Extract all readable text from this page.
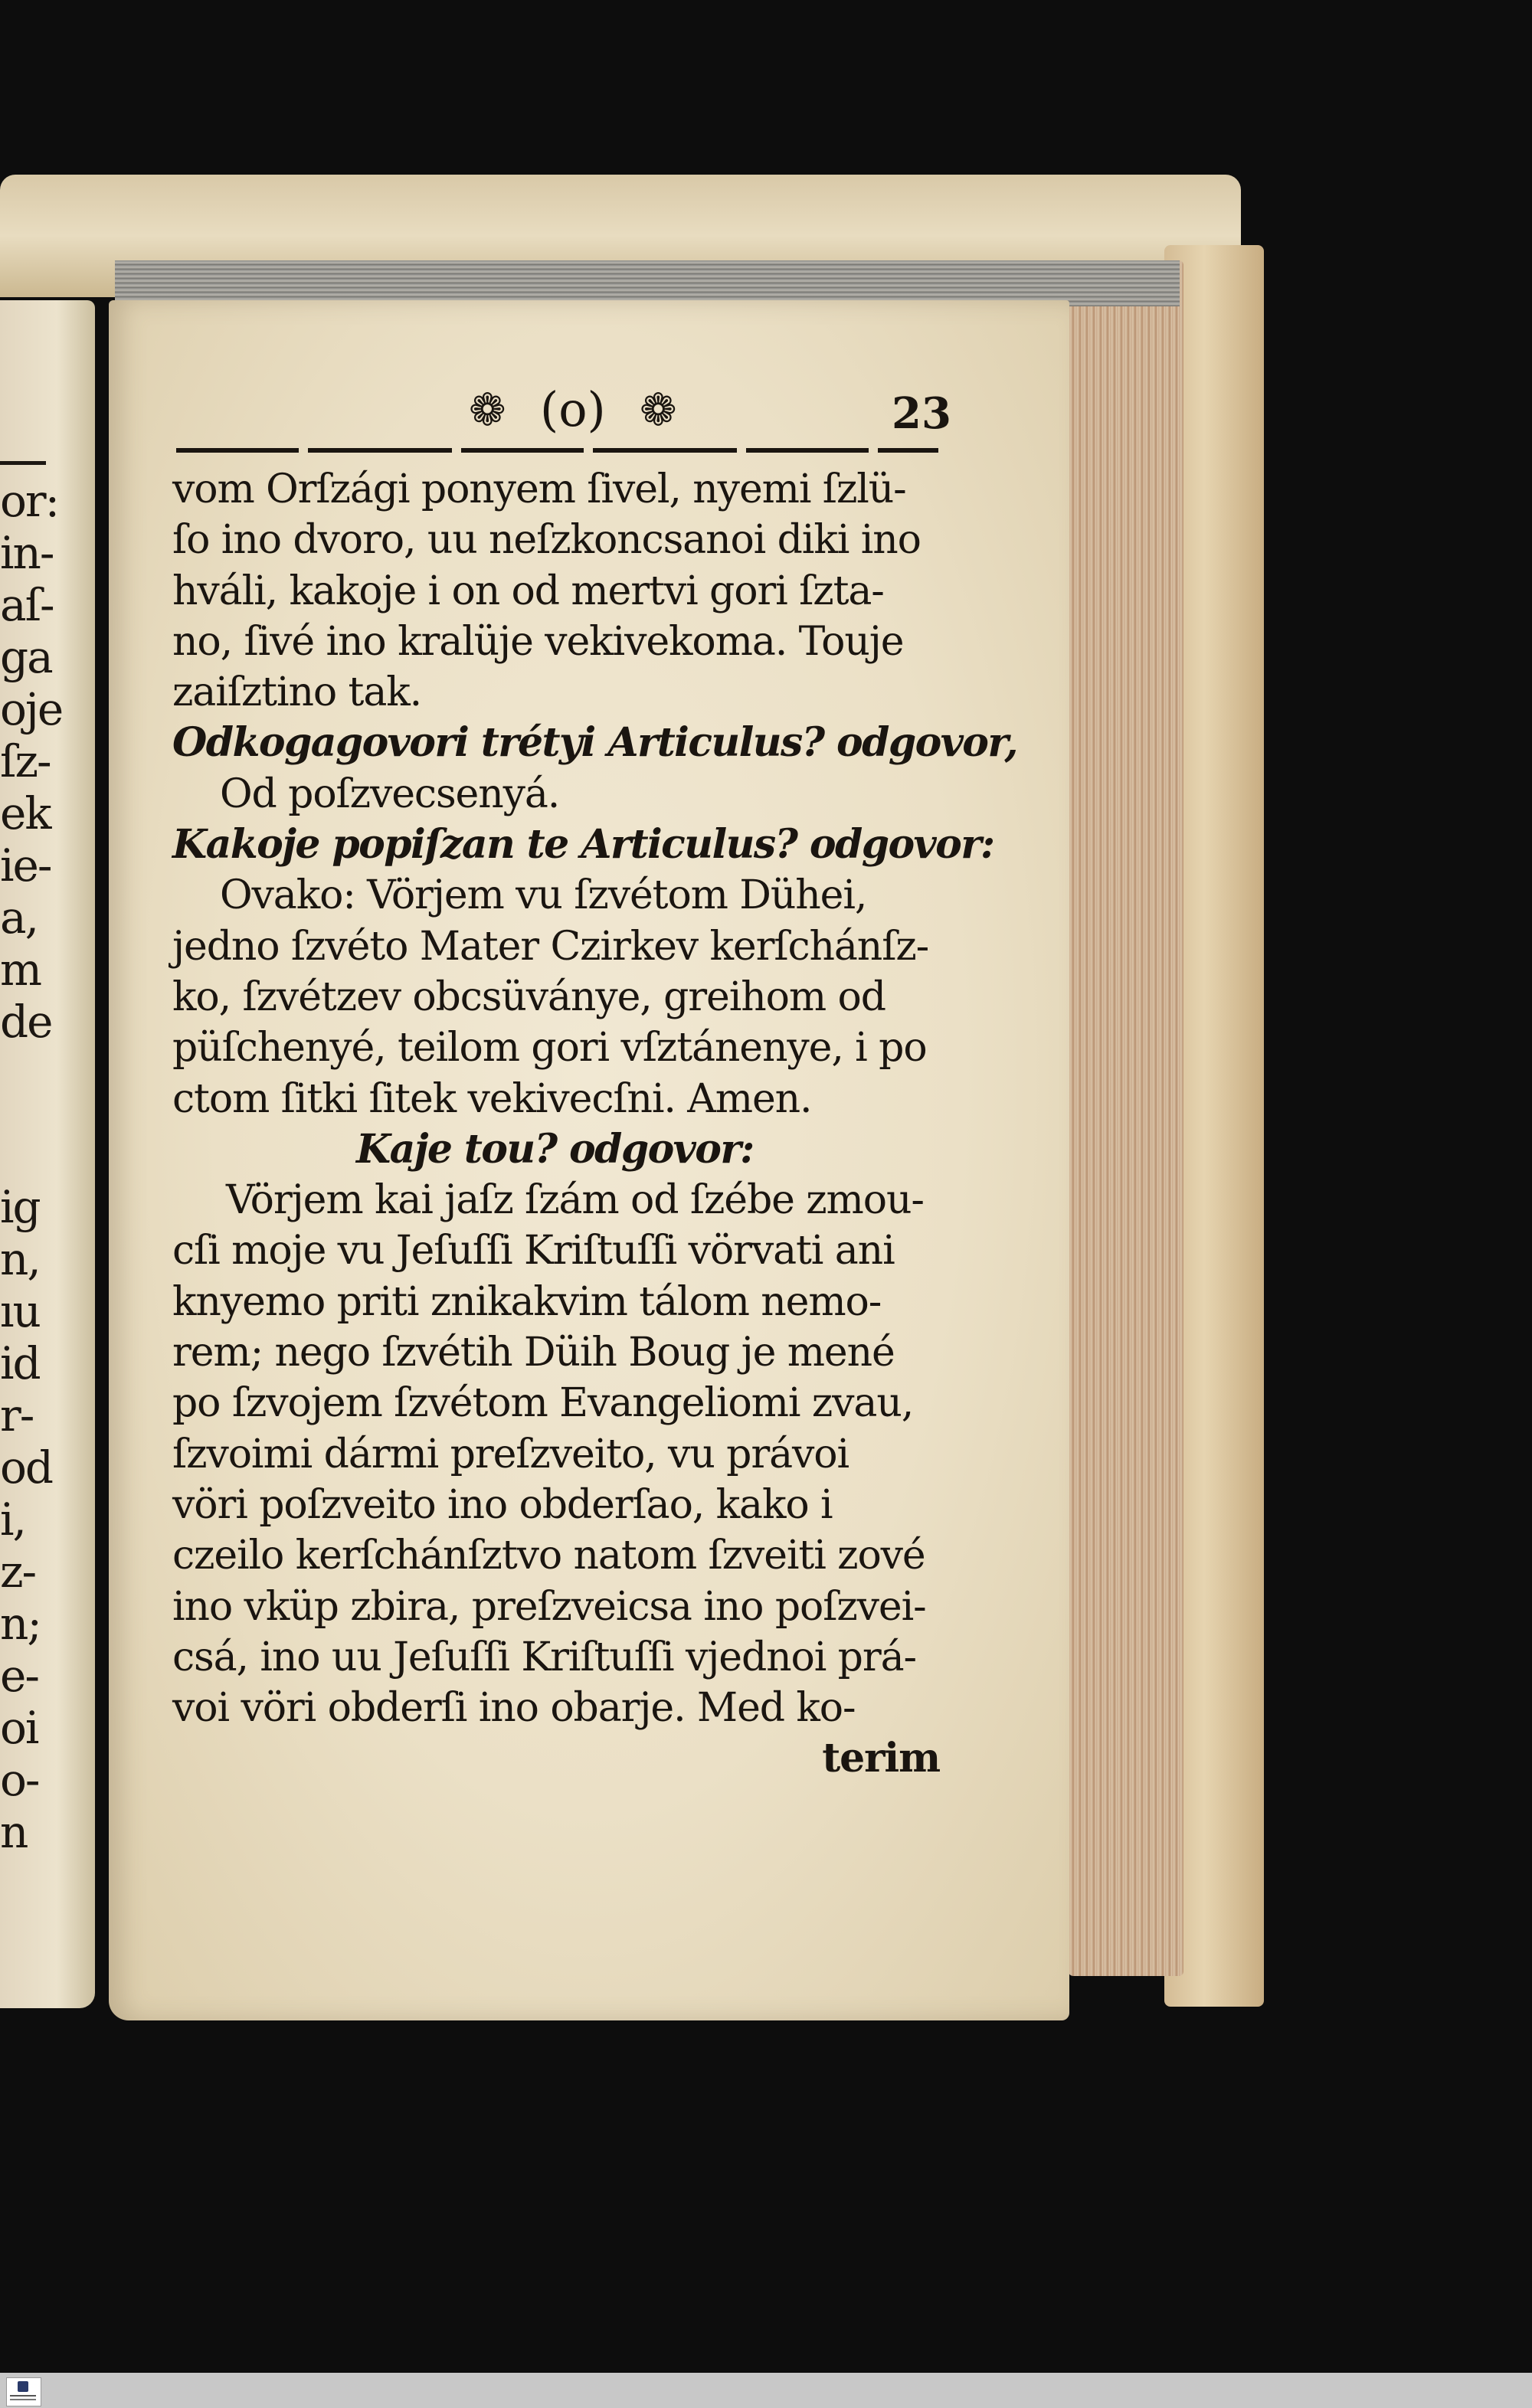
or:
in-
aſ-
ga
oje
ſz-
ek
ie-
a,
m
de
ig
n,
ıu
id
r-
od
i,
z-
n;
e-
oi
o-
n
❁ (o) ❁	23
vom Orſzági ponyem ſivel, nyemi ſzlü-
ſo ino dvoro, uu neſzkoncsanoi diki ino
hváli, kakoje i on od mertvi gori ſzta-
no, ſivé ino kralüje vekivekoma. Touje
zaiſztino tak.
Odkogagovori trétyi Articulus? odgovor,
Od poſzvecsenyá.
Kakoje popiſzan te Articulus? odgovor:
Ovako: Vörjem vu ſzvétom Dühei,
jedno ſzvéto Mater Czirkev kerſchánſz-
ko, ſzvétzev obcsüványe, greihom od
püſchenyé, teilom gori vſztánenye, i po
ctom ſitki ſitek vekivecſni. Amen.
Kaje tou? odgovor:
Vörjem kai jaſz ſzám od ſzébe zmou-
cſi moje vu Jeſuſſi Kriſtuſſi vörvati ani
knyemo priti znikakvim tálom nemo-
rem; nego ſzvétih Düih Boug je mené
po ſzvojem ſzvétom Evangeliomi zvau,
ſzvoimi dármi preſzveito, vu právoi
vöri poſzveito ino obderſao, kako i
czeilo kerſchánſztvo natom ſzveiti zové
ino vküp zbira, preſzveicsa ino poſzvei-
csá, ino uu Jeſuſſi Kriſtuſſi vjednoi prá-
voi vöri obderſi ino obarje. Med ko-
terim
